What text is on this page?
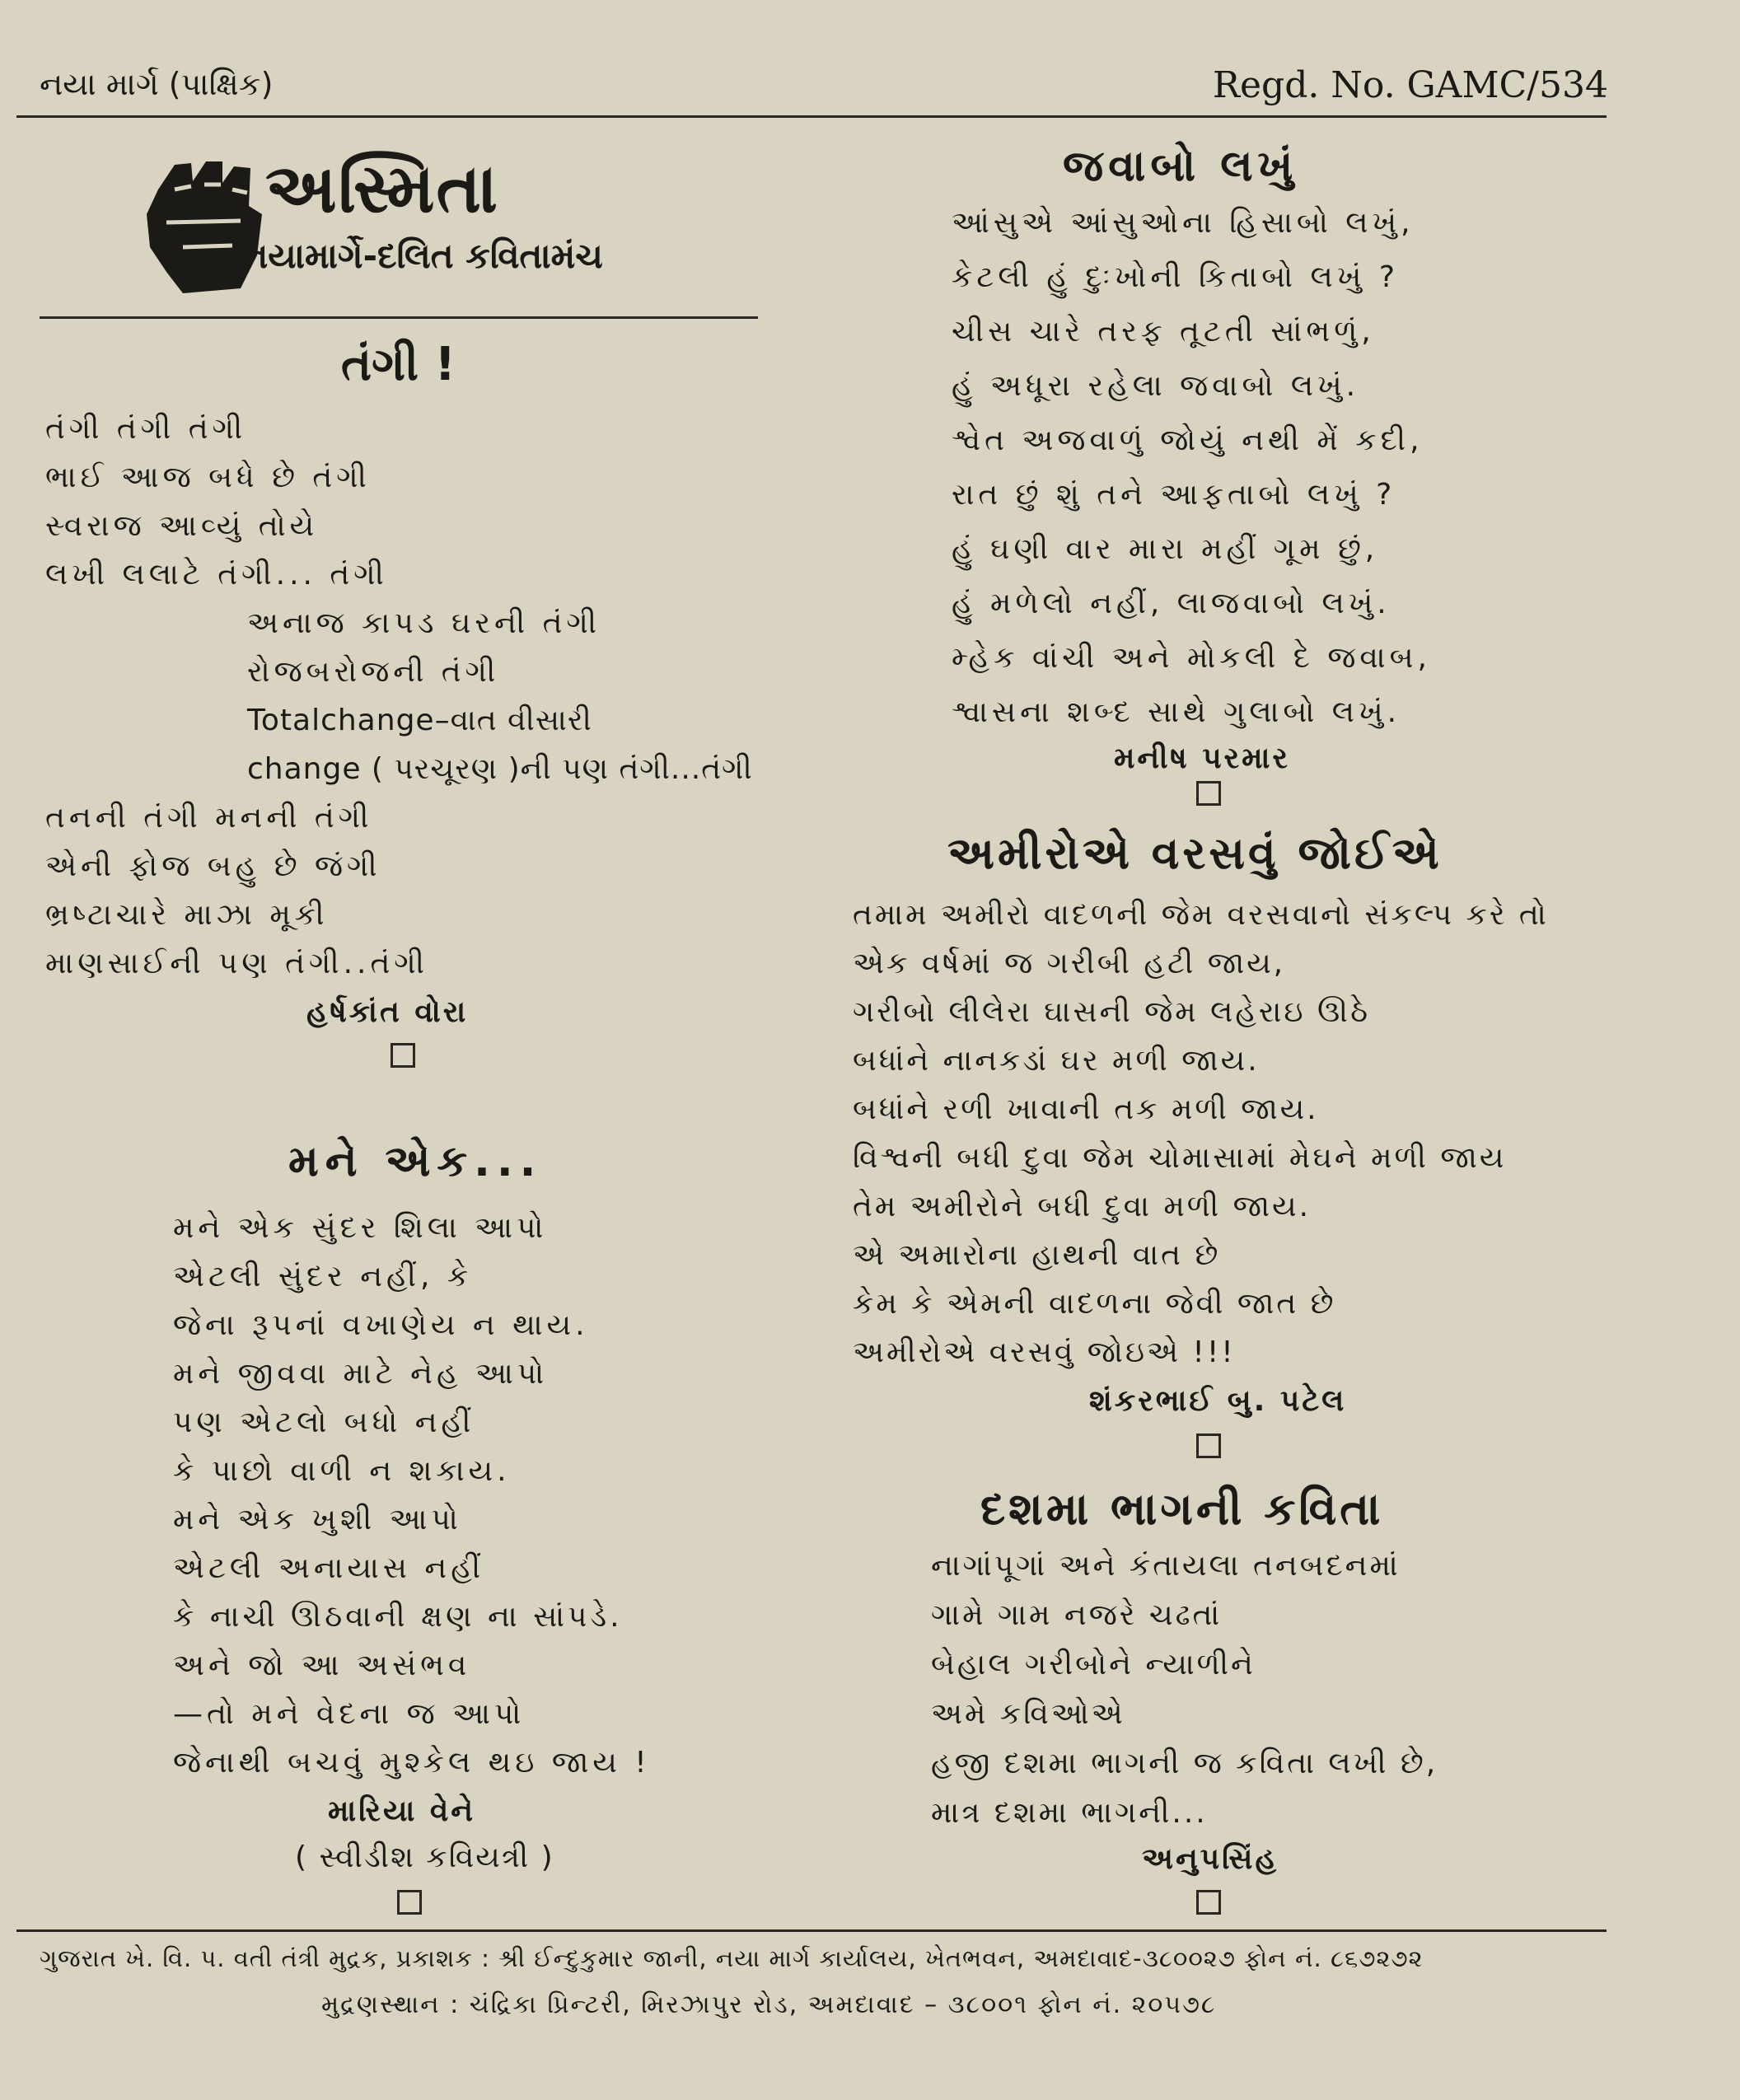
નયા માર્ગ (પાક્ષિક)	Regd. No. GAMC/534
અસ્મિતા
નયામાર્ગે-દલિત કવિતામંચ
તંગી !
તંગી તંગી તંગી
ભાઈ આજ બધે છે તંગી
સ્વરાજ આવ્યું તોયે
લખી લલાટે તંગી... તંગી
અનાજ કાપડ ઘરની તંગી
રોજબરોજની તંગી
Totalchange–વાત વીસારી
change ( પરચૂરણ )ની પણ તંગી...તંગી
તનની તંગી મનની તંગી
એની ફોજ બહુ છે જંગી
ભ્રષ્ટાચારે માઝા મૂકી
માણસાઈની પણ તંગી..તંગી
હર્ષકાંત વોરા
મને એક...
મને એક સુંદર શિલા આપો
એટલી સુંદર નહીં, કે
જેના રૂપનાં વખાણેય ન થાય.
મને જીવવા માટે નેહ આપો
પણ એટલો બધો નહીં
કે પાછો વાળી ન શકાય.
મને એક ખુશી આપો
એટલી અનાયાસ નહીં
કે નાચી ઊઠવાની ક્ષણ ના સાંપડે.
અને જો આ અસંભવ
—તો મને વેદના જ આપો
જેનાથી બચવું મુશ્કેલ થઇ જાય !
મારિયા વેને
( સ્વીડીશ કવિયત્રી )
જવાબો લખું
આંસુએ આંસુઓના હિસાબો લખું,
કેટલી હું દુઃખોની કિતાબો લખું ?
ચીસ ચારે તરફ તૂટતી સાંભળું,
હું અધૂરા રહેલા જવાબો લખું.
શ્વેત અજવાળું જોયું નથી મેં કદી,
રાત છું શું તને આફતાબો લખું ?
હું ઘણી વાર મારા મહીં ગૂમ છું,
હું મળેલો નહીં, લાજવાબો લખું.
મ્હેક વાંચી અને મોકલી દે જવાબ,
શ્વાસના શબ્દ સાથે ગુલાબો લખું.
મનીષ પરમાર
અમીરોએ વરસવું જોઈએ
તમામ અમીરો વાદળની જેમ વરસવાનો સંકલ્પ કરે તો
એક વર્ષમાં જ ગરીબી હટી જાય,
ગરીબો લીલેરા ઘાસની જેમ લહેરાઇ ઊઠે
બધાંને નાનકડાં ઘર મળી જાય.
બધાંને રળી ખાવાની તક મળી જાય.
વિશ્વની બધી દુવા જેમ ચોમાસામાં મેઘને મળી જાય
તેમ અમીરોને બધી દુવા મળી જાય.
એ અમારોના હાથની વાત છે
કેમ કે એમની વાદળના જેવી જાત છે
અમીરોએ વરસવું જોઇએ !!!
શંકરભાઈ બુ. પટેલ
દશમા ભાગની કવિતા
નાગાંપૂગાં અને કંતાયલા તનબદનમાં
ગામે ગામ નજરે ચઢતાં
બેહાલ ગરીબોને ન્યાળીને
અમે કવિઓએ
હજી દશમા ભાગની જ કવિતા લખી છે,
માત્ર દશમા ભાગની...
અનુપસિંહ
ગુજરાત ખે. વિ. પ. વતી તંત્રી મુદ્રક, પ્રકાશક : શ્રી ઈન્દુકુમાર જાની, નયા માર્ગ કાર્યાલય, ખેતભવન, અમદાવાદ-૩૮૦૦૨૭ ફોન નં. ૮૬૭૨૭૨
મુદ્રણસ્થાન : ચંદ્રિકા પ્રિન્ટરી, મિરઝાપુર રોડ, અમદાવાદ – ૩૮૦૦૧ ફોન નં. ૨૦૫૭૮
